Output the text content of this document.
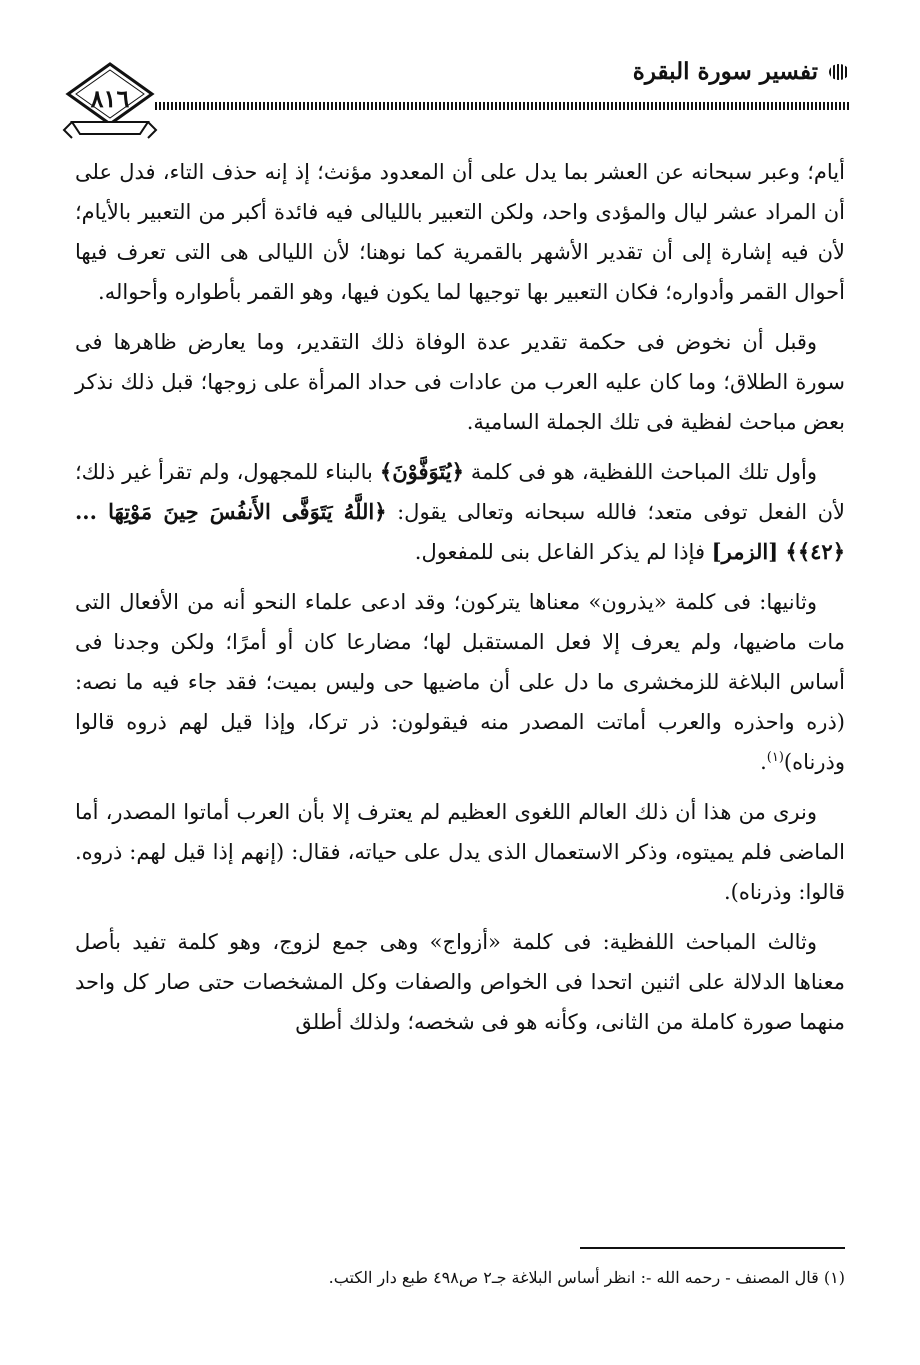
تفسير سورة البقرة
٨١٦

أيام؛ وعبر سبحانه عن العشر بما يدل على أن المعدود مؤنث؛ إذ إنه حذف التاء، فدل على أن المراد عشر ليال والمؤدى واحد، ولكن التعبير بالليالى فيه فائدة أكبر من التعبير بالأيام؛ لأن فيه إشارة إلى أن تقدير الأشهر بالقمرية كما نوهنا؛ لأن الليالى هى التى تعرف فيها أحوال القمر وأدواره؛ فكان التعبير بها توجيها لما يكون فيها، وهو القمر بأطواره وأحواله.

وقبل أن نخوض فى حكمة تقدير عدة الوفاة ذلك التقدير، وما يعارض ظاهرها فى سورة الطلاق؛ وما كان عليه العرب من عادات فى حداد المرأة على زوجها؛ قبل ذلك نذكر بعض مباحث لفظية فى تلك الجملة السامية.

وأول تلك المباحث اللفظية، هو فى كلمة ﴿يُتَوَفَّوْنَ﴾ بالبناء للمجهول، ولم تقرأ غير ذلك؛ لأن الفعل توفى متعد؛ فالله سبحانه وتعالى يقول: ﴿اللَّهُ يَتَوَفَّى الأَنفُسَ حِينَ مَوْتِهَا ... ﴿٤٢﴾﴾ [الزمر] فإذا لم يذكر الفاعل بنى للمفعول.

وثانيها: فى كلمة «يذرون» معناها يتركون؛ وقد ادعى علماء النحو أنه من الأفعال التى مات ماضيها، ولم يعرف إلا فعل المستقبل لها؛ مضارعا كان أو أمرًا؛ ولكن وجدنا فى أساس البلاغة للزمخشرى ما دل على أن ماضيها حى وليس بميت؛ فقد جاء فيه ما نصه: (ذره واحذره والعرب أماتت المصدر منه فيقولون: ذر تركا، وإذا قيل لهم ذروه قالوا وذرناه)$^{(١)}$.

ونرى من هذا أن ذلك العالم اللغوى العظيم لم يعترف إلا بأن العرب أماتوا المصدر، أما الماضى فلم يميتوه، وذكر الاستعمال الذى يدل على حياته، فقال: (إنهم إذا قيل لهم: ذروه. قالوا: وذرناه).

وثالث المباحث اللفظية: فى كلمة «أزواج» وهى جمع لزوج، وهو كلمة تفيد بأصل معناها الدلالة على اثنين اتحدا فى الخواص والصفات وكل المشخصات حتى صار كل واحد منهما صورة كاملة من الثانى، وكأنه هو فى شخصه؛ ولذلك أطلق

(١) قال المصنف - رحمه الله -: انظر أساس البلاغة جـ٢ ص٤٩٨ طبع دار الكتب.
